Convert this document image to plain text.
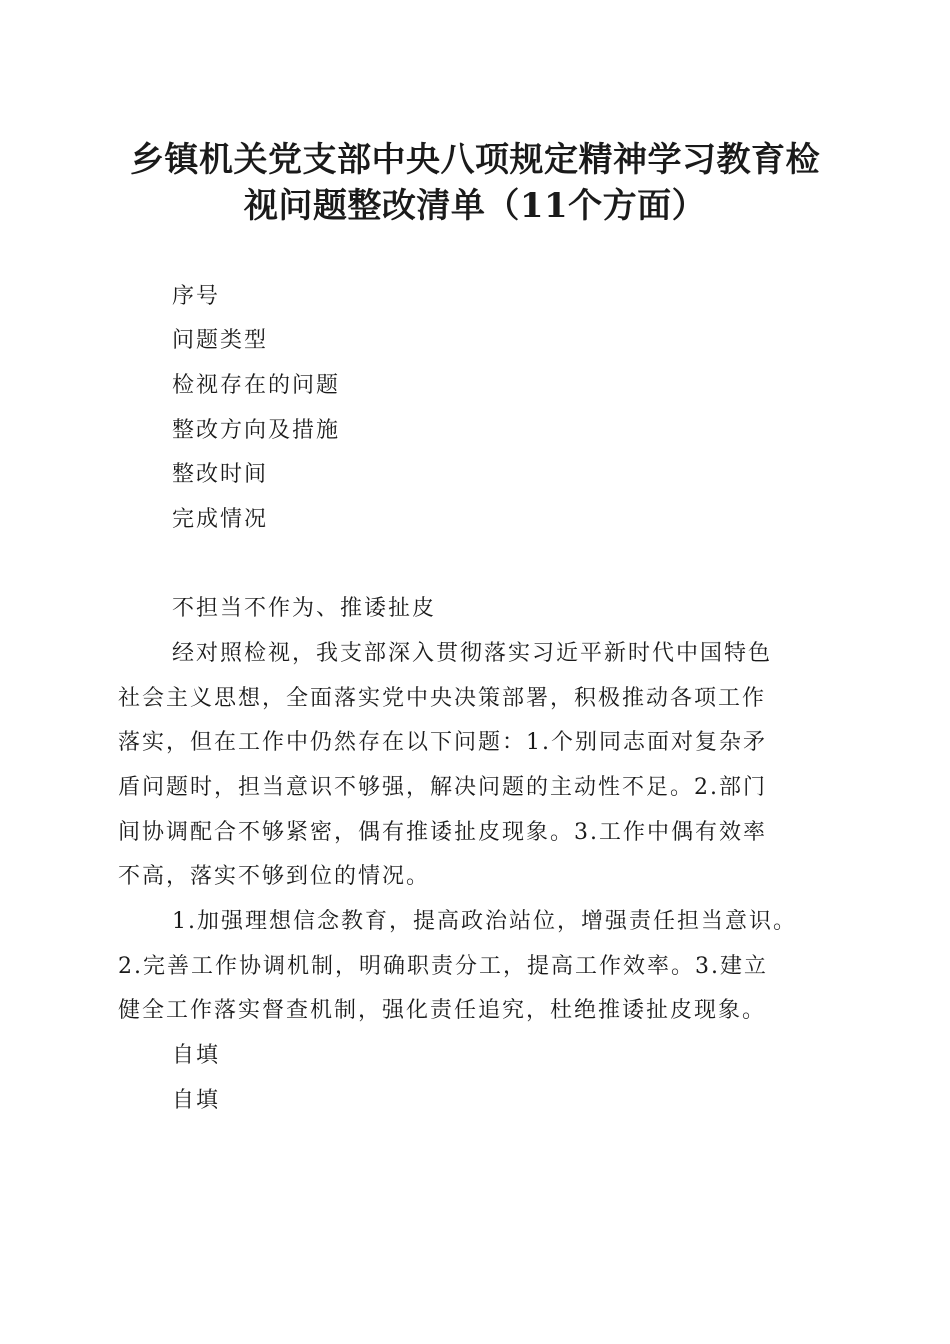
乡镇机关党支部中央八项规定精神学习教育检
视问题整改清单（11个方面）
序号
问题类型
检视存在的问题
整改方向及措施
整改时间
完成情况
不担当不作为、推诿扯皮
经对照检视，我支部深入贯彻落实习近平新时代中国特色
社会主义思想，全面落实党中央决策部署，积极推动各项工作
落实，但在工作中仍然存在以下问题：1.个别同志面对复杂矛
盾问题时，担当意识不够强，解决问题的主动性不足。2.部门
间协调配合不够紧密，偶有推诿扯皮现象。3.工作中偶有效率
不高，落实不够到位的情况。
1.加强理想信念教育，提高政治站位，增强责任担当意识。
2.完善工作协调机制，明确职责分工，提高工作效率。3.建立
健全工作落实督查机制，强化责任追究，杜绝推诿扯皮现象。
自填
自填
